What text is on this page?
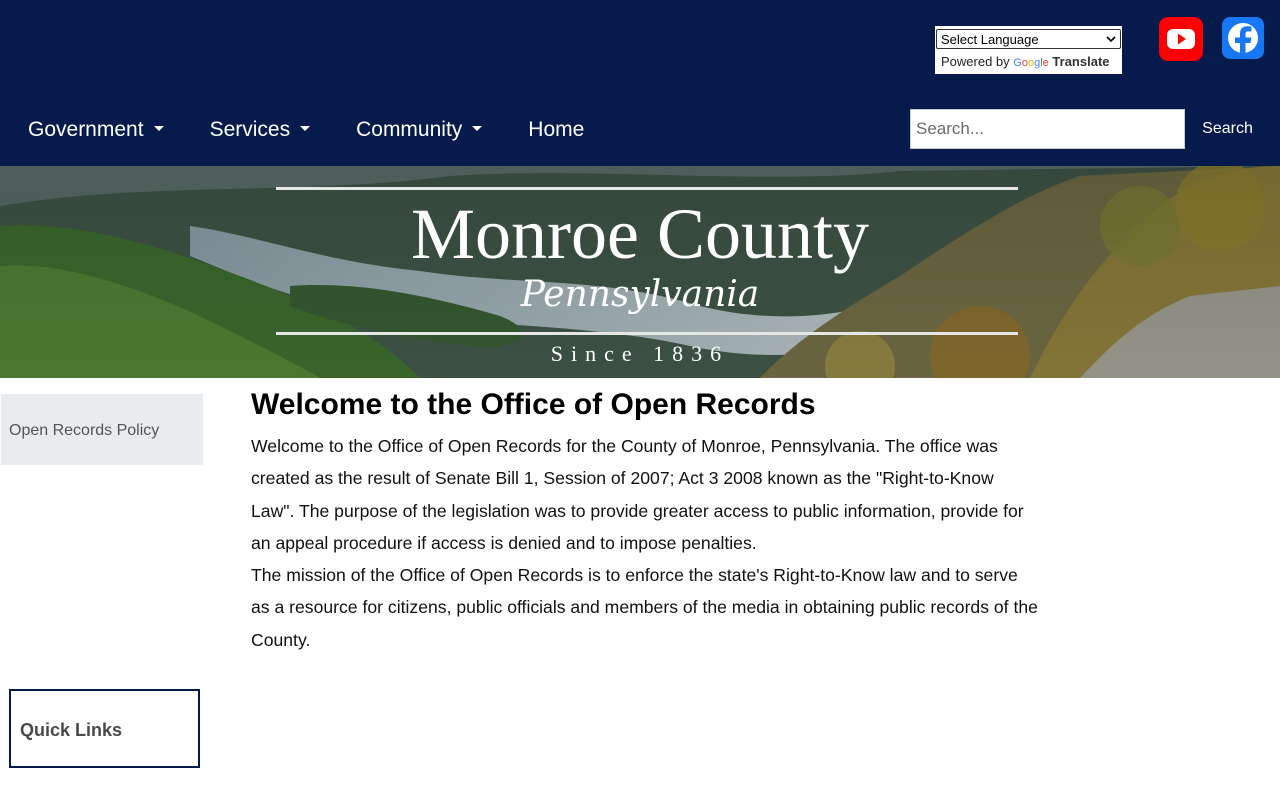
Select Language
Powered by Google Translate
Government	Services	Community	Home
Search...	Search
Monroe County
Pennsylvania
Since 1836
Open Records Policy
Quick Links
Welcome to the Office of Open Records

Welcome to the Office of Open Records for the County of Monroe, Pennsylvania. The office was created as the result of Senate Bill 1, Session of 2007; Act 3 2008 known as the "Right-to-Know Law". The purpose of the legislation was to provide greater access to public information, provide for an appeal procedure if access is denied and to impose penalties.

The mission of the Office of Open Records is to enforce the state's Right-to-Know law and to serve as a resource for citizens, public officials and members of the media in obtaining public records of the County.
